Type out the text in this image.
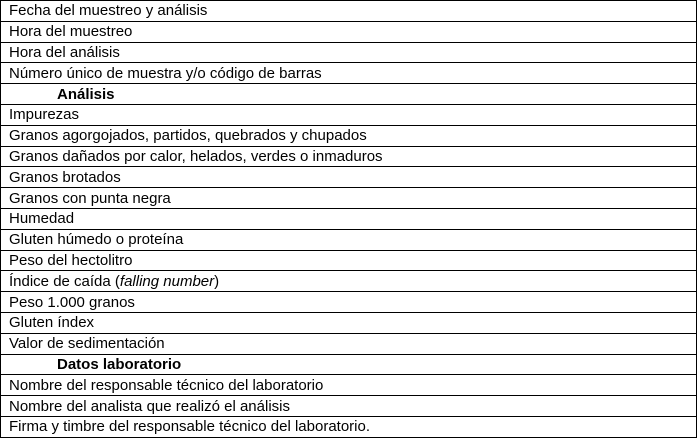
Fecha del muestreo y análisis
Hora del muestreo
Hora del análisis
Número único de muestra y/o código de barras
Análisis
Impurezas
Granos agorgojados, partidos, quebrados y chupados
Granos dañados por calor, helados, verdes o inmaduros
Granos brotados
Granos con punta negra
Humedad
Gluten húmedo o proteína
Peso del hectolitro
Índice de caída (falling number)
Peso 1.000 granos
Gluten índex
Valor de sedimentación
Datos laboratorio
Nombre del responsable técnico del laboratorio
Nombre del analista que realizó el análisis
Firma y timbre del responsable técnico del laboratorio.
